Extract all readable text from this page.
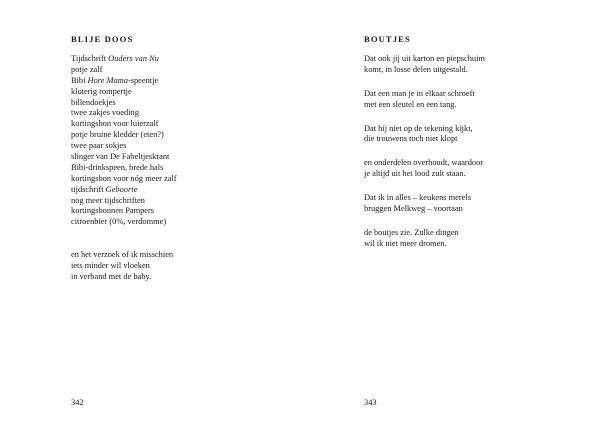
BLIJE DOOS
Tijdschrift Ouders van Nu
potje zalf
Bibi Hore Mama-speentje
kloterig rompertje
billendoekjes
twee zakjes voeding
kortingsbon voor luierzalf
potje bruine kledder (eten?)
twee paar sokjes
slinger van De Fabeltjeskrant
Bibi-drinkspeen, brede hals
kortingsbon voor nóg meer zalf
tijdschrift Geboorte
nog meer tijdschriften
kortingsbonnen Pampers
citroenbier (0%, verdomme)
en het verzoek of ik misschien
iets minder wil vloeken
in verband met de baby.
342
BOUTJES
Dat ook jij uit karton en piepschuim
komt, in losse delen uitgestald.
Dat een man je in elkaar schroeft
met een sleutel en een tang.
Dat hij niet op de tekening kijkt,
die trouwens toch niet klopt
en onderdelen overhoudt, waardoor
je altijd uit het lood zult staan.
Dat ik in alles – keukens merels
bruggen Melkweg – voortaan
de boutjes zie. Zulke dingen
wil ik niet meer dromen.
343
